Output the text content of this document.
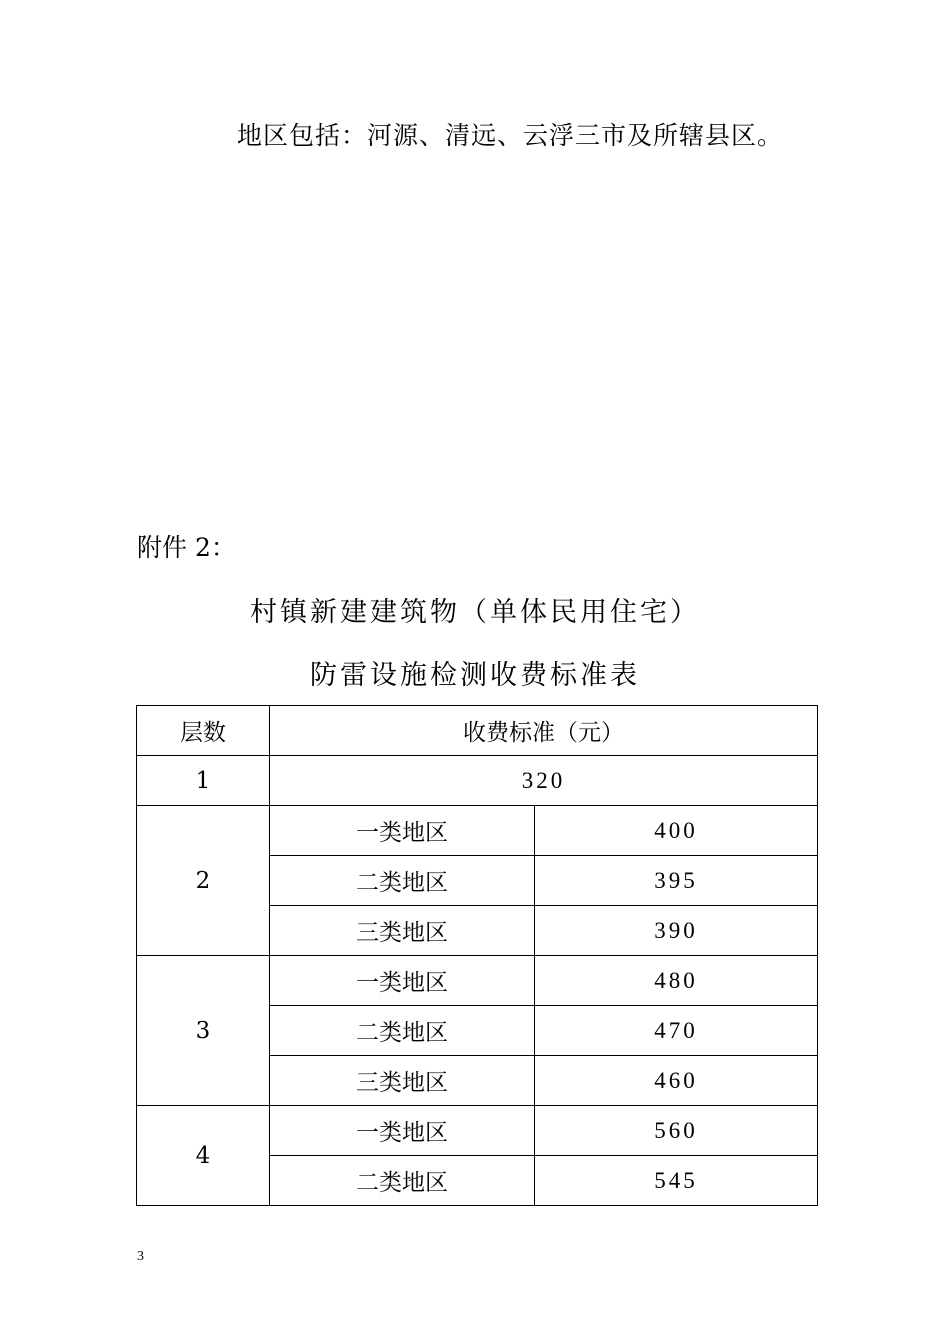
地区包括：河源、清远、云浮三市及所辖县区。
附件 2：
村镇新建建筑物（单体民用住宅）
防雷设施检测收费标准表
层数	收费标准（元）	
1	320	
2	一类地区	400
	二类地区	395
	三类地区	390
3	一类地区	480
	二类地区	470
	三类地区	460
4	一类地区	560
	二类地区	545
3
